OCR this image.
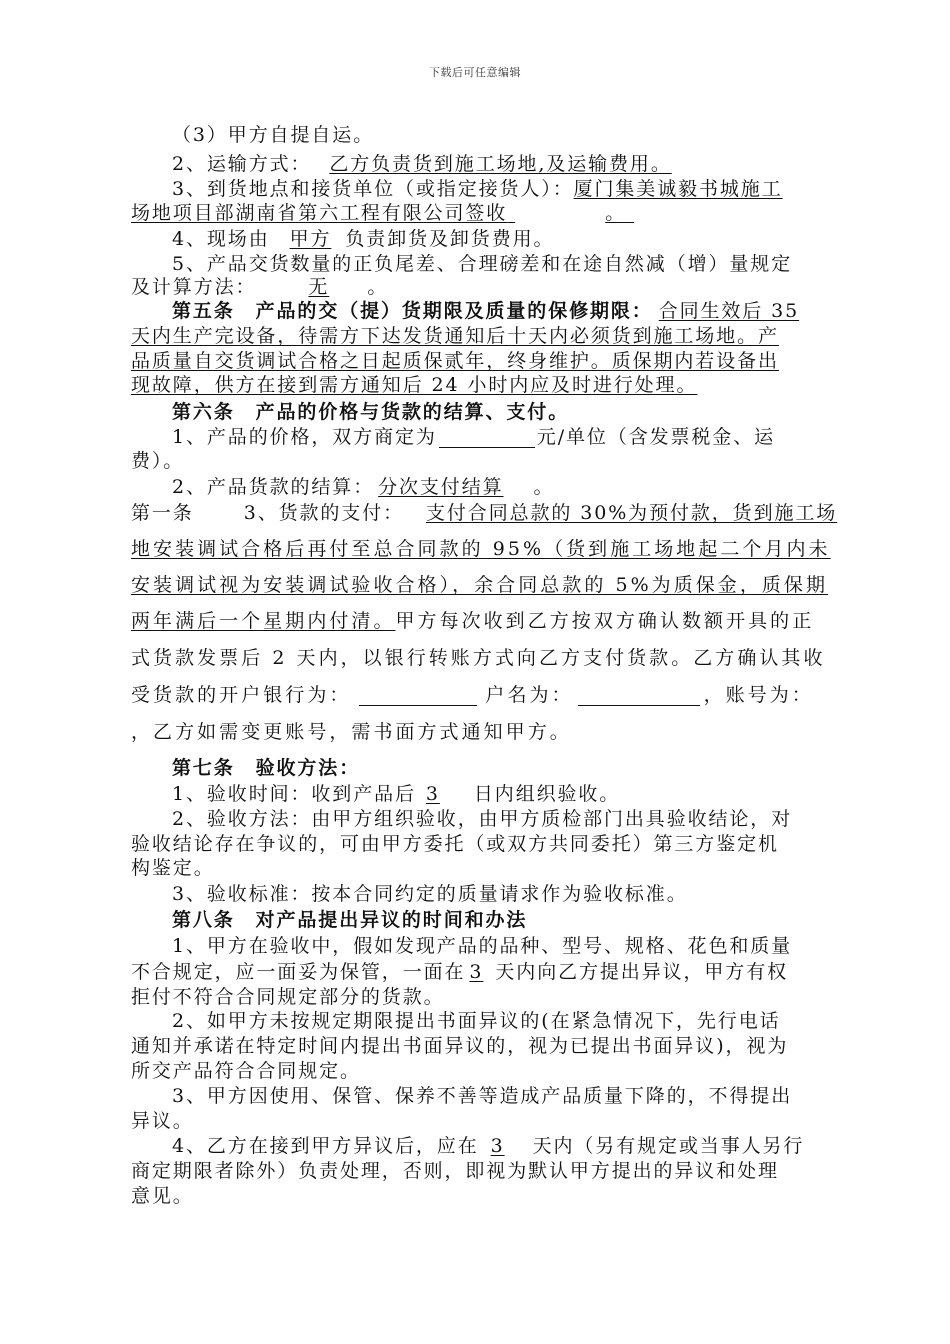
下载后可任意编辑
（3）甲方自提自运。
2、运输方式： 乙方负责货到施工场地,及运输费用。
3、到货地点和接货单位（或指定接货人）：厦门集美诚毅书城施工
场地项目部湖南省第六工程有限公司签收	。
4、现场由 甲方 负责卸货及卸货费用。
5、产品交货数量的正负尾差、合理磅差和在途自然减（增）量规定
及计算方法：	无 。
第五条　产品的交（提）货期限及质量的保修期限： 合同生效后 35
天内生产完设备，待需方下达发货通知后十天内必须货到施工场地。产
品质量自交货调试合格之日起质保贰年，终身维护。质保期内若设备出
现故障，供方在接到需方通知后 24 小时内应及时进行处理。
第六条　产品的价格与货款的结算、支付。
1、产品的价格，双方商定为	元/单位（含发票税金、运
费）。
2、产品货款的结算： 分次支付结算 。
第一条	3、货款的支付： 支付合同总款的 30%为预付款，货到施工场
地安装调试合格后再付至总合同款的 95%（货到施工场地起二个月内未
安装调试视为安装调试验收合格），余合同总款的 5%为质保金，质保期
两年满后一个星期内付清。甲方每次收到乙方按双方确认数额开具的正
式货款发票后 2 天内，以银行转账方式向乙方支付货款。乙方确认其收
受货款的开户银行为：	户名为：	，账号为：
，乙方如需变更账号，需书面方式通知甲方。
第七条　验收方法：
1、验收时间：收到产品后 3 日内组织验收。
2、验收方法：由甲方组织验收，由甲方质检部门出具验收结论，对
验收结论存在争议的，可由甲方委托（或双方共同委托）第三方鉴定机
构鉴定。
3、验收标准：按本合同约定的质量请求作为验收标准。
第八条　对产品提出异议的时间和办法
1、甲方在验收中，假如发现产品的品种、型号、规格、花色和质量
不合规定，应一面妥为保管，一面在 3 天内向乙方提出异议，甲方有权
拒付不符合合同规定部分的货款。
2、如甲方未按规定期限提出书面异议的(在紧急情况下，先行电话
通知并承诺在特定时间内提出书面异议的，视为已提出书面异议)，视为
所交产品符合合同规定。
3、甲方因使用、保管、保养不善等造成产品质量下降的，不得提出
异议。
4、乙方在接到甲方异议后，应在 3 天内（另有规定或当事人另行
商定期限者除外）负责处理，否则，即视为默认甲方提出的异议和处理
意见。
